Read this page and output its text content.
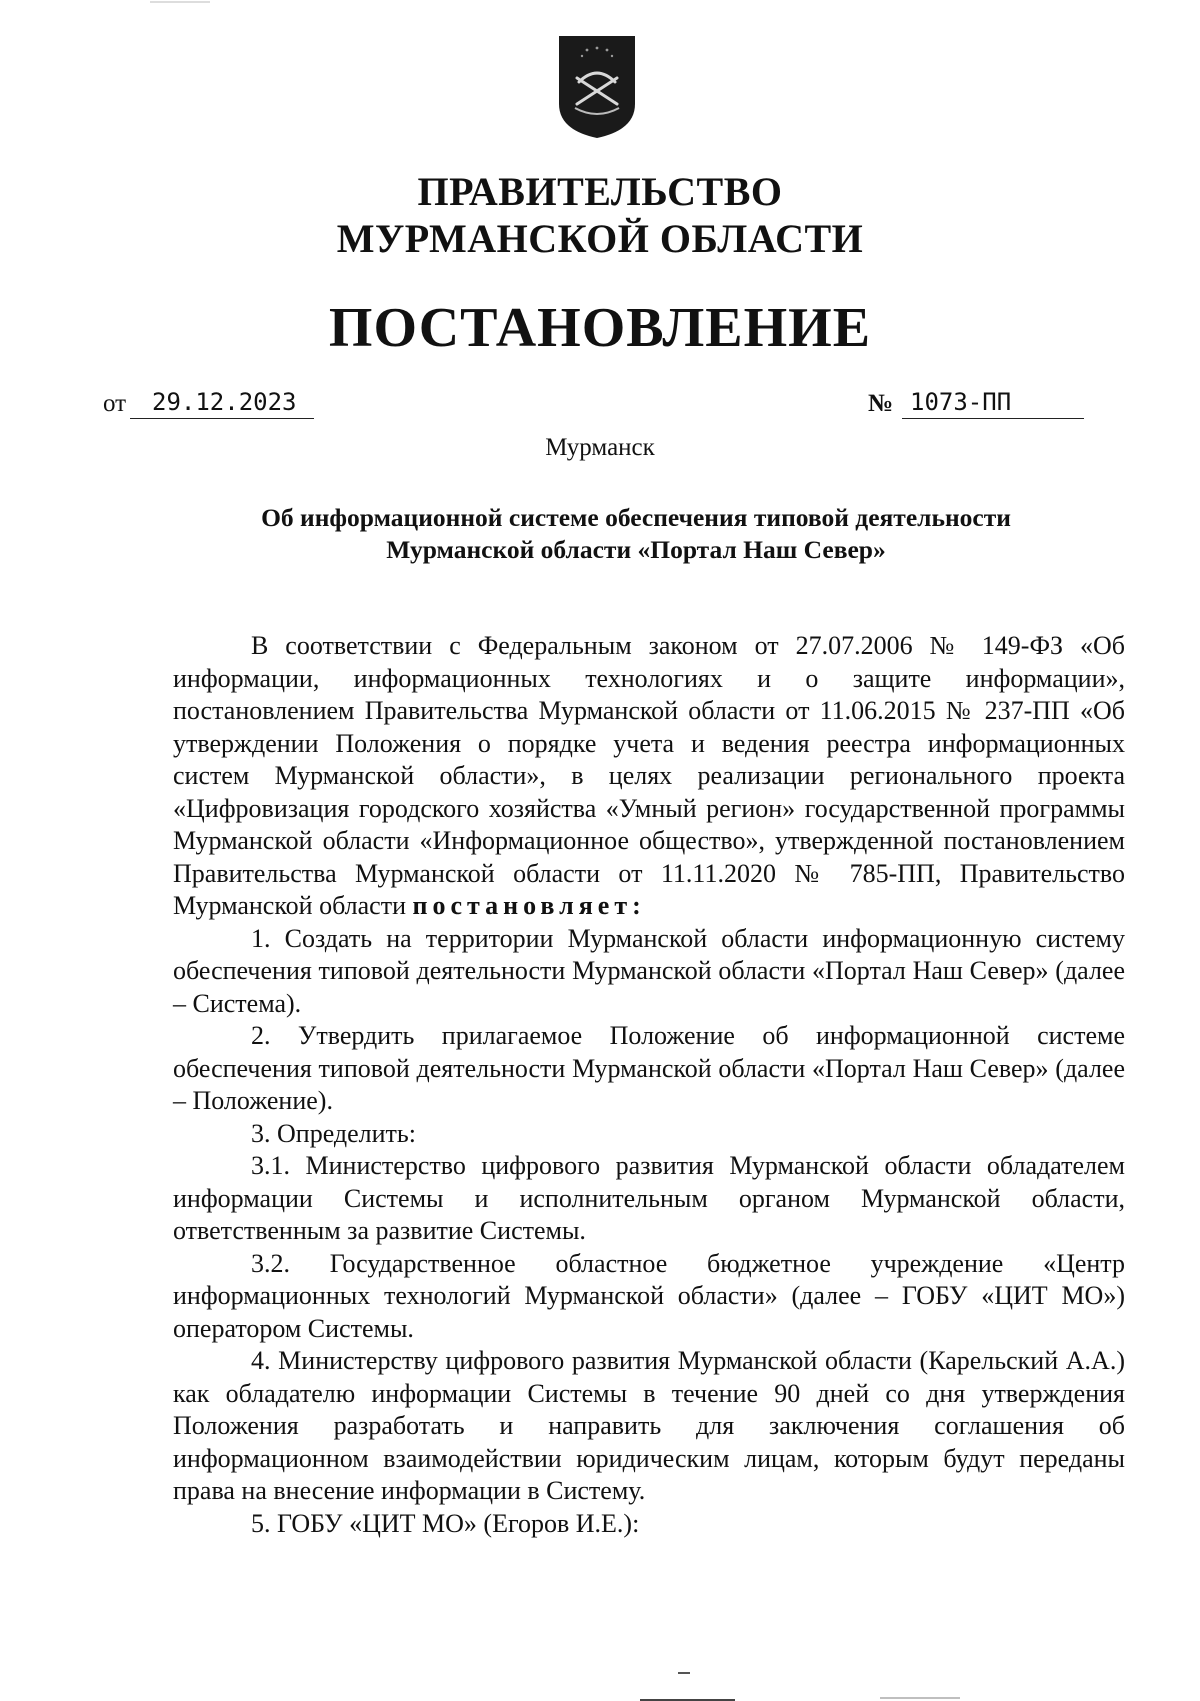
ПРАВИТЕЛЬСТВО
МУРМАНСКОЙ ОБЛАСТИ
ПОСТАНОВЛЕНИЕ
от	29.12.2023	№ 1073-ПП
Мурманск
Об информационной системе обеспечения типовой деятельности
Мурманской области «Портал Наш Север»

В соответствии с Федеральным законом от 27.07.2006 № 149-ФЗ «Об информации, информационных технологиях и о защите информации», постановлением Правительства Мурманской области от 11.06.2015 № 237-ПП «Об утверждении Положения о порядке учета и ведения реестра информационных систем Мурманской области», в целях реализации регионального проекта «Цифровизация городского хозяйства «Умный регион» государственной программы Мурманской области «Информационное общество», утвержденной постановлением Правительства Мурманской области от 11.11.2020 № 785-ПП, Правительство Мурманской области постановляет:

1. Создать на территории Мурманской области информационную систему обеспечения типовой деятельности Мурманской области «Портал Наш Север» (далее – Система).

2. Утвердить прилагаемое Положение об информационной системе обеспечения типовой деятельности Мурманской области «Портал Наш Север» (далее – Положение).

3. Определить:

3.1. Министерство цифрового развития Мурманской области обладателем информации Системы и исполнительным органом Мурманской области, ответственным за развитие Системы.

3.2. Государственное областное бюджетное учреждение «Центр информационных технологий Мурманской области» (далее – ГОБУ «ЦИТ МО») оператором Системы.

4. Министерству цифрового развития Мурманской области (Карельский А.А.) как обладателю информации Системы в течение 90 дней со дня утверждения Положения разработать и направить для заключения соглашения об информационном взаимодействии юридическим лицам, которым будут переданы права на внесение информации в Систему.

5. ГОБУ «ЦИТ МО» (Егоров И.Е.):
